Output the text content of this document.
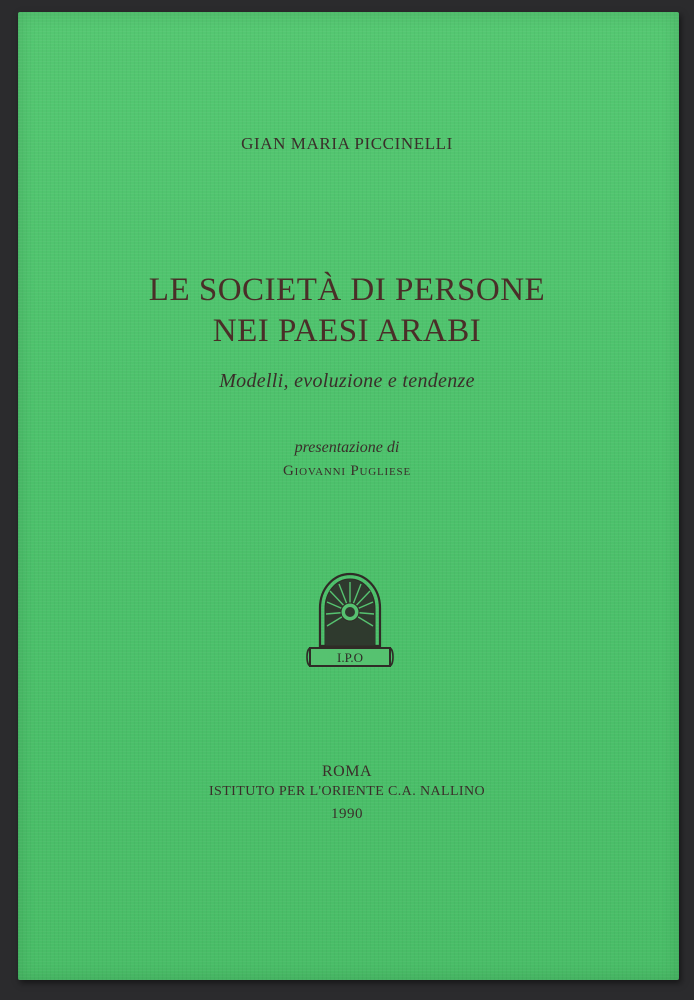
GIAN MARIA PICCINELLI
LE SOCIETÀ DI PERSONE
NEI PAESI ARABI
Modelli, evoluzione e tendenze
presentazione di
Giovanni Pugliese
I.P.O
ROMA
ISTITUTO PER L'ORIENTE C.A. NALLINO
1990
